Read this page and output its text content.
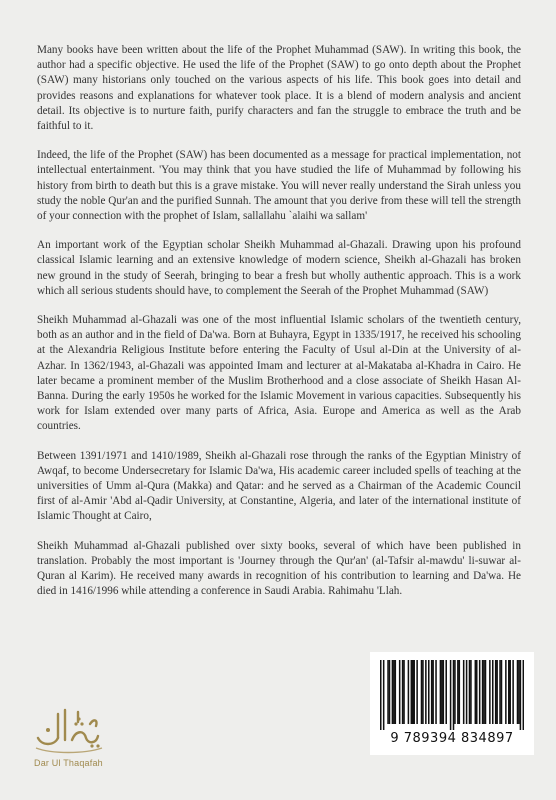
Many books have been written about the life of the Prophet Muhammad (SAW). In writing this book, the author had a specific objective. He used the life of the Prophet (SAW) to go onto depth about the Prophet (SAW) many historians only touched on the various aspects of his life. This book goes into detail and provides reasons and explanations for whatever took place. It is a blend of modern analysis and ancient detail. Its objective is to nurture faith, purify characters and fan the struggle to embrace the truth and be faithful to it.

Indeed, the life of the Prophet (SAW) has been documented as a message for practical implementation, not intellectual entertainment. 'You may think that you have studied the life of Muhammad by following his history from birth to death but this is a grave mistake. You will never really understand the Sirah unless you study the noble Qur'an and the purified Sunnah. The amount that you derive from these will tell the strength of your connection with the prophet of Islam, sallallahu `alaihi wa sallam'

An important work of the Egyptian scholar Sheikh Muhammad al-Ghazali. Drawing upon his profound classical Islamic learning and an extensive knowledge of modern science, Sheikh al-Ghazali has broken new ground in the study of Seerah, bringing to bear a fresh but wholly authentic approach. This is a work which all serious students should have, to complement the Seerah of the Prophet Muhammad (SAW)

Sheikh Muhammad al-Ghazali was one of the most influential Islamic scholars of the twentieth century, both as an author and in the field of Da'wa. Born at Buhayra, Egypt in 1335/1917, he received his schooling at the Alexandria Religious Institute before entering the Faculty of Usul al-Din at the University of al-Azhar. In 1362/1943, al-Ghazali was appointed Imam and lecturer at al-Makataba al-Khadra in Cairo. He later became a prominent member of the Muslim Brotherhood and a close associate of Sheikh Hasan Al-Banna. During the early 1950s he worked for the Islamic Movement in various capacities. Subsequently his work for Islam extended over many parts of Africa, Asia. Europe and America as well as the Arab countries.

Between 1391/1971 and 1410/1989, Sheikh al-Ghazali rose through the ranks of the Egyptian Ministry of Awqaf, to become Undersecretary for Islamic Da'wa, His academic career included spells of teaching at the universities of Umm al-Qura (Makka) and Qatar: and he served as a Chairman of the Academic Council first of al-Amir 'Abd al-Qadir University, at Constantine, Algeria, and later of the international institute of Islamic Thought at Cairo,

Sheikh Muhammad al-Ghazali published over sixty books, several of which have been published in translation. Probably the most important is 'Journey through the Qur'an' (al-Tafsir al-mawdu' li-suwar al-Quran al Karim). He received many awards in recognition of his contribution to learning and Da'wa. He died in 1416/1996 while attending a conference in Saudi Arabia. Rahimahu 'Llah.

Dar Ul Thaqafah
9 789394 834897
